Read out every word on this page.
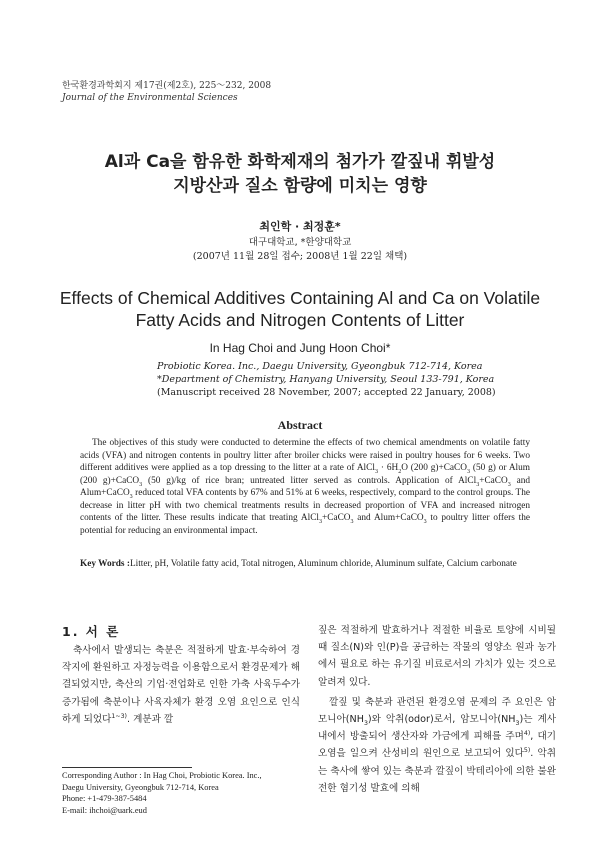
한국환경과학회지 제17권(제2호), 225～232, 2008
Journal of the Environmental Sciences
Al과 Ca을 함유한 화학제재의 첨가가 깔짚내 휘발성
지방산과 질소 함량에 미치는 영향
최인학 · 최정훈*
대구대학교, *한양대학교
(2007년 11월 28일 접수; 2008년 1월 22일 채택)
Effects of Chemical Additives Containing Al and Ca on Volatile
Fatty Acids and Nitrogen Contents of Litter
In Hag Choi and Jung Hoon Choi*
Probiotic Korea. Inc., Daegu University, Gyeongbuk 712-714, Korea
*Department of Chemistry, Hanyang University, Seoul 133-791, Korea
(Manuscript received 28 November, 2007; accepted 22 January, 2008)
Abstract
The objectives of this study were conducted to determine the effects of two chemical amendments on volatile fatty acids (VFA) and nitrogen contents in poultry litter after broiler chicks were raised in poultry houses for 6 weeks. Two different additives were applied as a top dressing to the litter at a rate of AlCl$_3$ · $6H_2O$ (200 g)+CaCO$_3$ (50 g) or Alum (200 g)+CaCO$_3$ (50 g)/kg of rice bran; untreated litter served as controls. Application of AlCl$_3$+CaCO$_3$ and Alum+CaCO$_3$ reduced total VFA contents by 67% and 51% at 6 weeks, respectively, compard to the control groups. The decrease in litter pH with two chemical treatments results in decreased proportion of VFA and increased nitrogen contents of the litter. These results indicate that treating AlCl$_3$+CaCO$_3$ and Alum+CaCO$_3$ to poultry litter offers the potential for reducing an environmental impact.
Key Words :Litter, pH, Volatile fatty acid, Total nitrogen, Aluminum chloride, Aluminum sulfate, Calcium carbonate
1. 서 론
축사에서 발생되는 축분은 적절하게 발효·부숙하여 경작지에 환원하고 자정능력을 이용함으로서 환경문제가 해결되었지만, 축산의 기업·전업화로 인한 가축 사육두수가 증가됨에 축분이나 사육자체가 환경 오염 요인으로 인식하게 되었다$^{1\sim 3)}$. 계분과 깔

짚은 적절하게 발효하거나 적절한 비율로 토양에 시비될 때 질소(N)와 인(P)을 공급하는 작물의 영양소 원과 농가에서 필요로 하는 유기질 비료로서의 가치가 있는 것으로 알려져 있다.

깔짚 및 축분과 관련된 환경오염 문제의 주 요인은 암모니아$(NH_3)$와 악취(odor)로서, 암모니아$(NH_3)$는 계사내에서 방출되어 생산자와 가금에게 피해를 주며$^{4)}$, 대기오염을 일으켜 산성비의 원인으로 보고되어 있다$^{5)}$. 악취는 축사에 쌓여 있는 축분과 깔짚이 박테리아에 의한 불완전한 혐기성 발효에 의해

Corresponding Author : In Hag Choi, Probiotic Korea. Inc.,
Daegu University, Gyeongbuk 712-714, Korea
Phone: +1-479-387-5484
E-mail: ihchoi@uark.eud
